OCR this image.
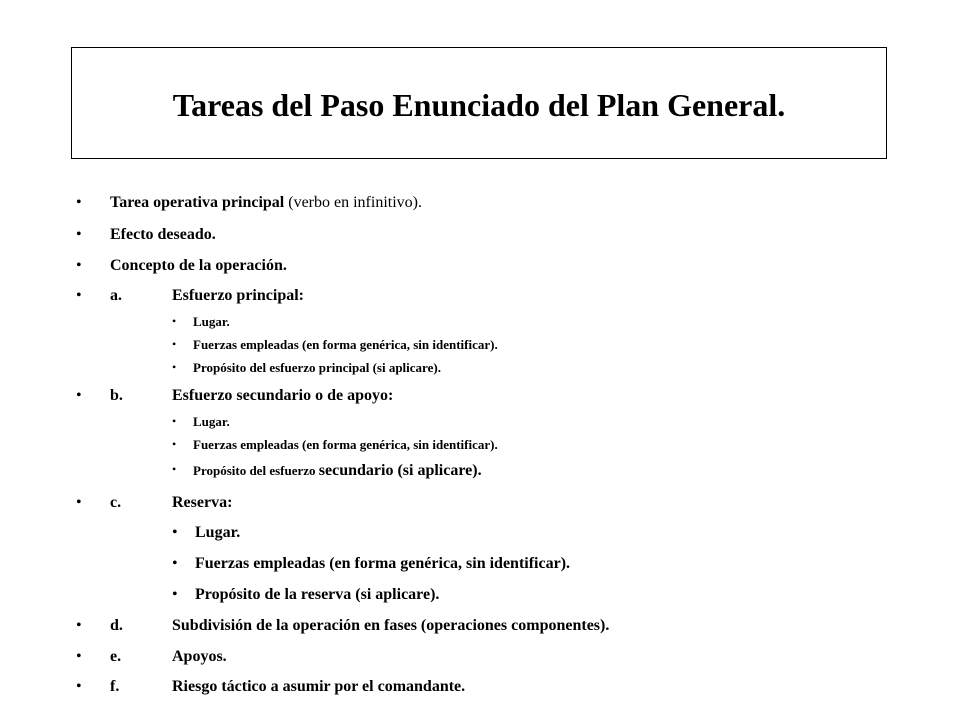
Tareas del Paso Enunciado del Plan General.
• Tarea operativa principal (verbo en infinitivo).
• Efecto deseado.
• Concepto de la operación.
• a.	Esfuerzo principal:
• Lugar.
• Fuerzas empleadas (en forma genérica, sin identificar).
• Propósito del esfuerzo principal (si aplicare).
• b.	Esfuerzo secundario o de apoyo:
• Lugar.
• Fuerzas empleadas (en forma genérica, sin identificar).
• Propósito del esfuerzo secundario (si aplicare).
• c.	Reserva:
• Lugar.
• Fuerzas empleadas (en forma genérica, sin identificar).
• Propósito de la reserva (si aplicare).
• d.	Subdivisión de la operación en fases (operaciones componentes).
• e.	Apoyos.
• f.	Riesgo táctico a asumir por el comandante.
